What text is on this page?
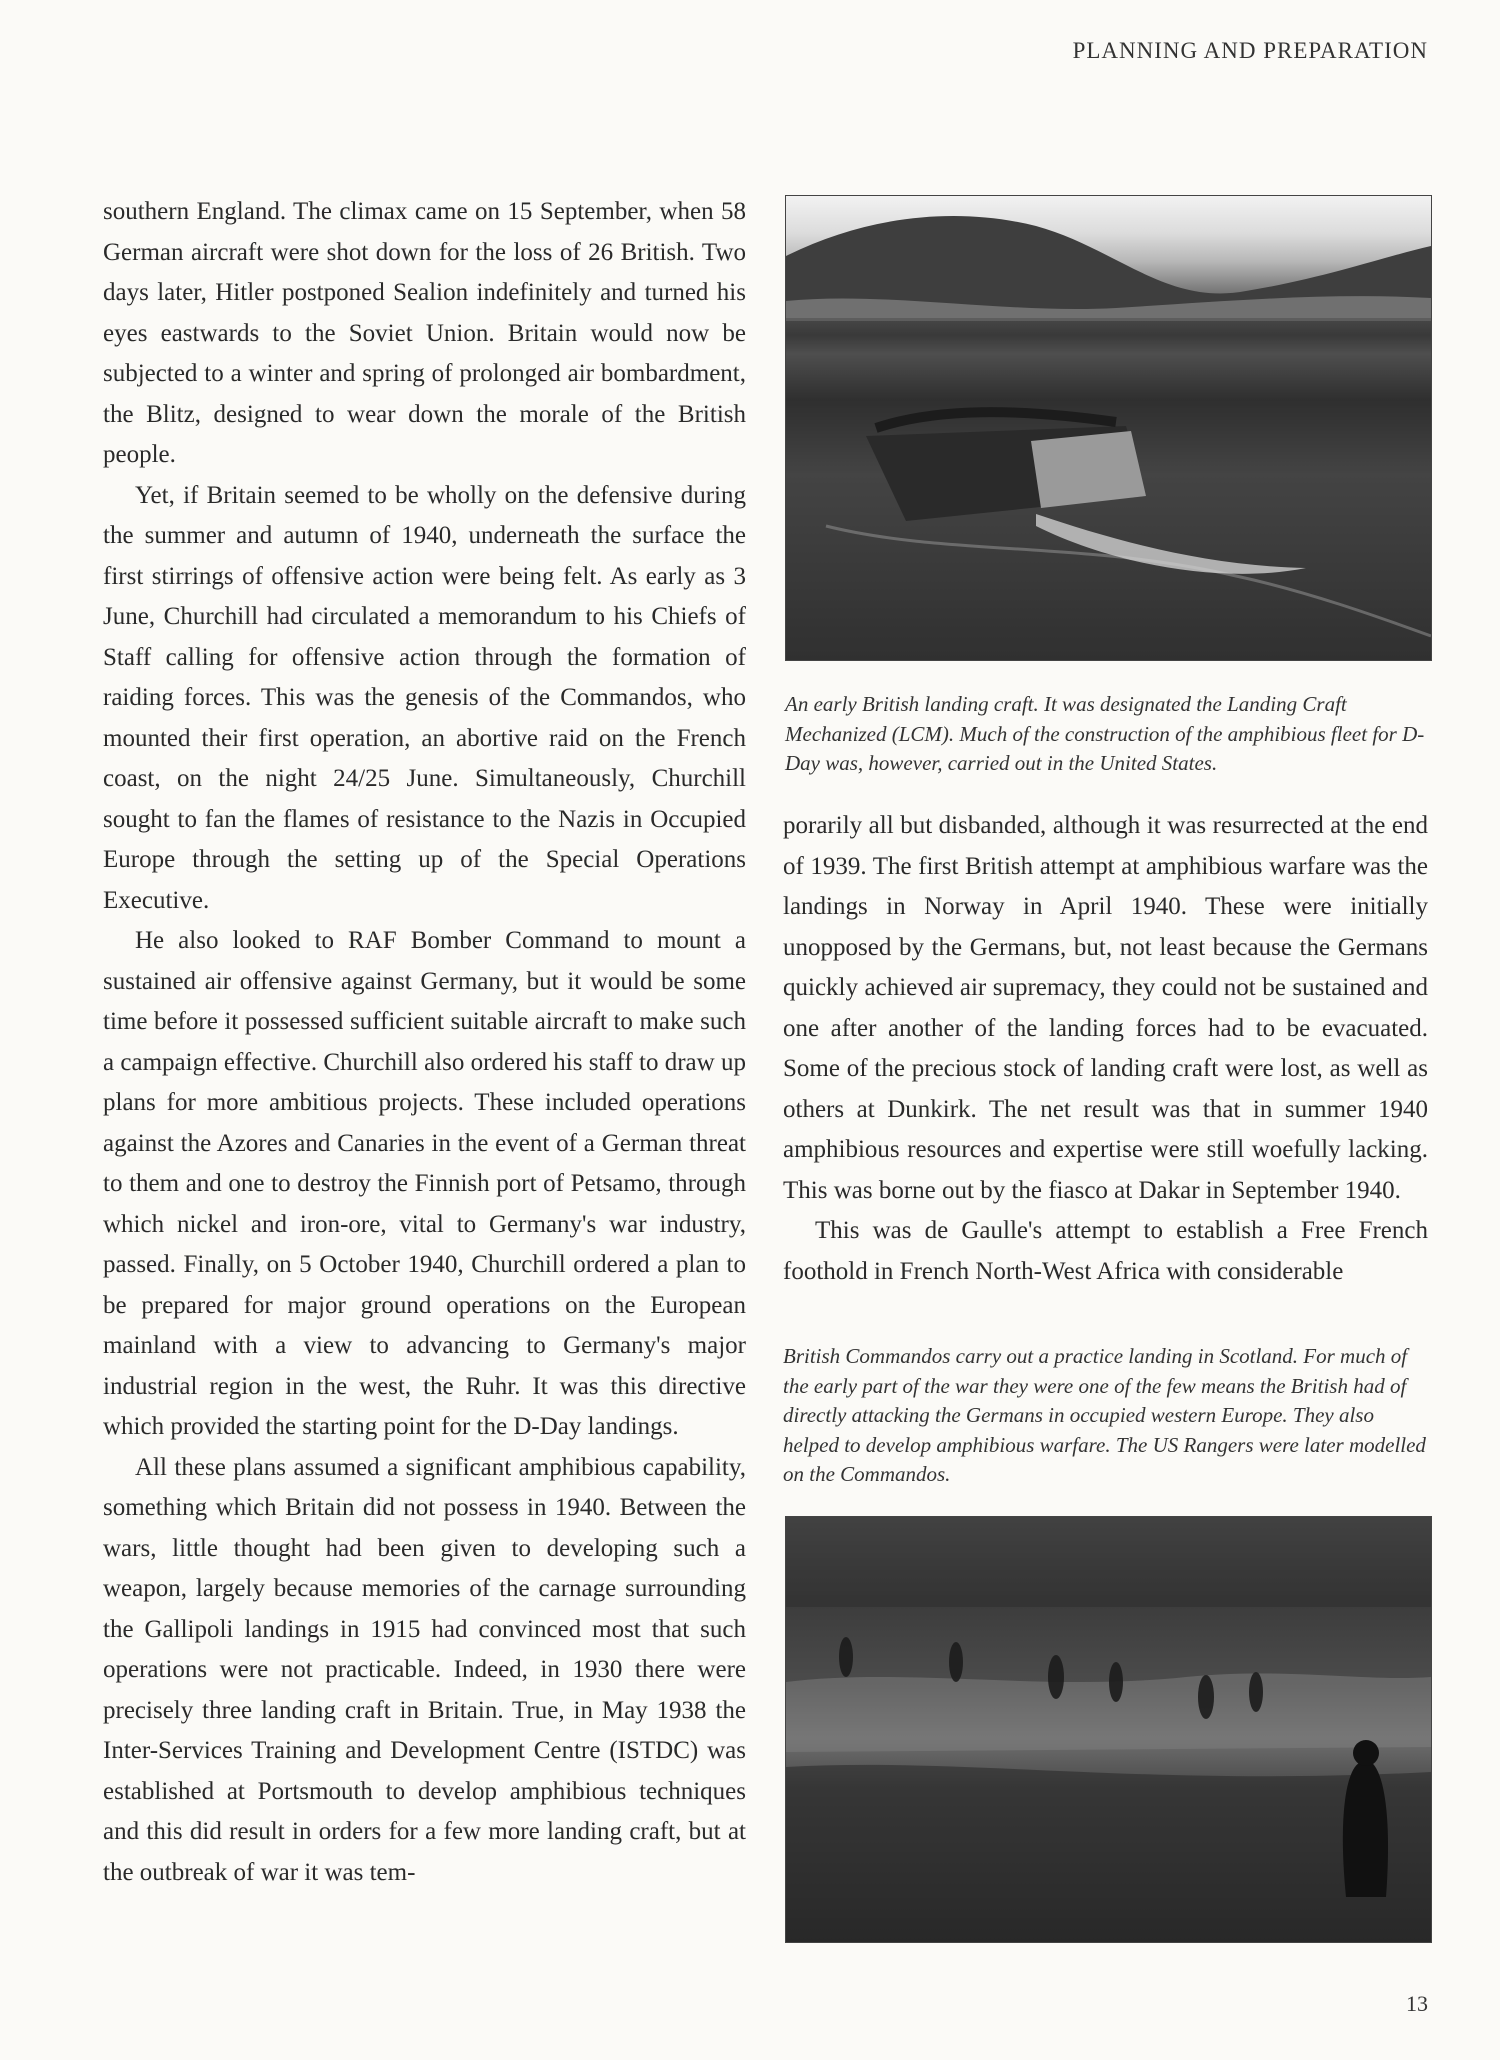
PLANNING AND PREPARATION

southern England. The climax came on 15 September, when 58 German aircraft were shot down for the loss of 26 British. Two days later, Hitler postponed Sealion indefinitely and turned his eyes eastwards to the Soviet Union. Britain would now be subjected to a winter and spring of prolonged air bombardment, the Blitz, designed to wear down the morale of the British people.

Yet, if Britain seemed to be wholly on the defensive during the summer and autumn of 1940, underneath the surface the first stirrings of offensive action were being felt. As early as 3 June, Churchill had circulated a memorandum to his Chiefs of Staff calling for offensive action through the formation of raiding forces. This was the genesis of the Commandos, who mounted their first operation, an abortive raid on the French coast, on the night 24/25 June. Simultaneously, Churchill sought to fan the flames of resistance to the Nazis in Occupied Europe through the setting up of the Special Operations Executive.

He also looked to RAF Bomber Command to mount a sustained air offensive against Germany, but it would be some time before it possessed sufficient suitable aircraft to make such a campaign effective. Churchill also ordered his staff to draw up plans for more ambitious projects. These included operations against the Azores and Canaries in the event of a German threat to them and one to destroy the Finnish port of Petsamo, through which nickel and iron-ore, vital to Germany's war industry, passed. Finally, on 5 October 1940, Churchill ordered a plan to be prepared for major ground operations on the European mainland with a view to advancing to Germany's major industrial region in the west, the Ruhr. It was this directive which provided the starting point for the D-Day landings.

All these plans assumed a significant amphibious capability, something which Britain did not possess in 1940. Between the wars, little thought had been given to developing such a weapon, largely because memories of the carnage surrounding the Gallipoli landings in 1915 had convinced most that such operations were not practicable. Indeed, in 1930 there were precisely three landing craft in Britain. True, in May 1938 the Inter-Services Training and Development Centre (ISTDC) was established at Portsmouth to develop amphibious techniques and this did result in orders for a few more landing craft, but at the outbreak of war it was tem-

An early British landing craft. It was designated the Landing Craft Mechanized (LCM). Much of the construction of the amphibious fleet for D-Day was, however, carried out in the United States.

porarily all but disbanded, although it was resurrected at the end of 1939. The first British attempt at amphibious warfare was the landings in Norway in April 1940. These were initially unopposed by the Germans, but, not least because the Germans quickly achieved air supremacy, they could not be sustained and one after another of the landing forces had to be evacuated. Some of the precious stock of landing craft were lost, as well as others at Dunkirk. The net result was that in summer 1940 amphibious resources and expertise were still woefully lacking. This was borne out by the fiasco at Dakar in September 1940.

This was de Gaulle's attempt to establish a Free French foothold in French North-West Africa with considerable

British Commandos carry out a practice landing in Scotland. For much of the early part of the war they were one of the few means the British had of directly attacking the Germans in occupied western Europe. They also helped to develop amphibious warfare. The US Rangers were later modelled on the Commandos.
13
